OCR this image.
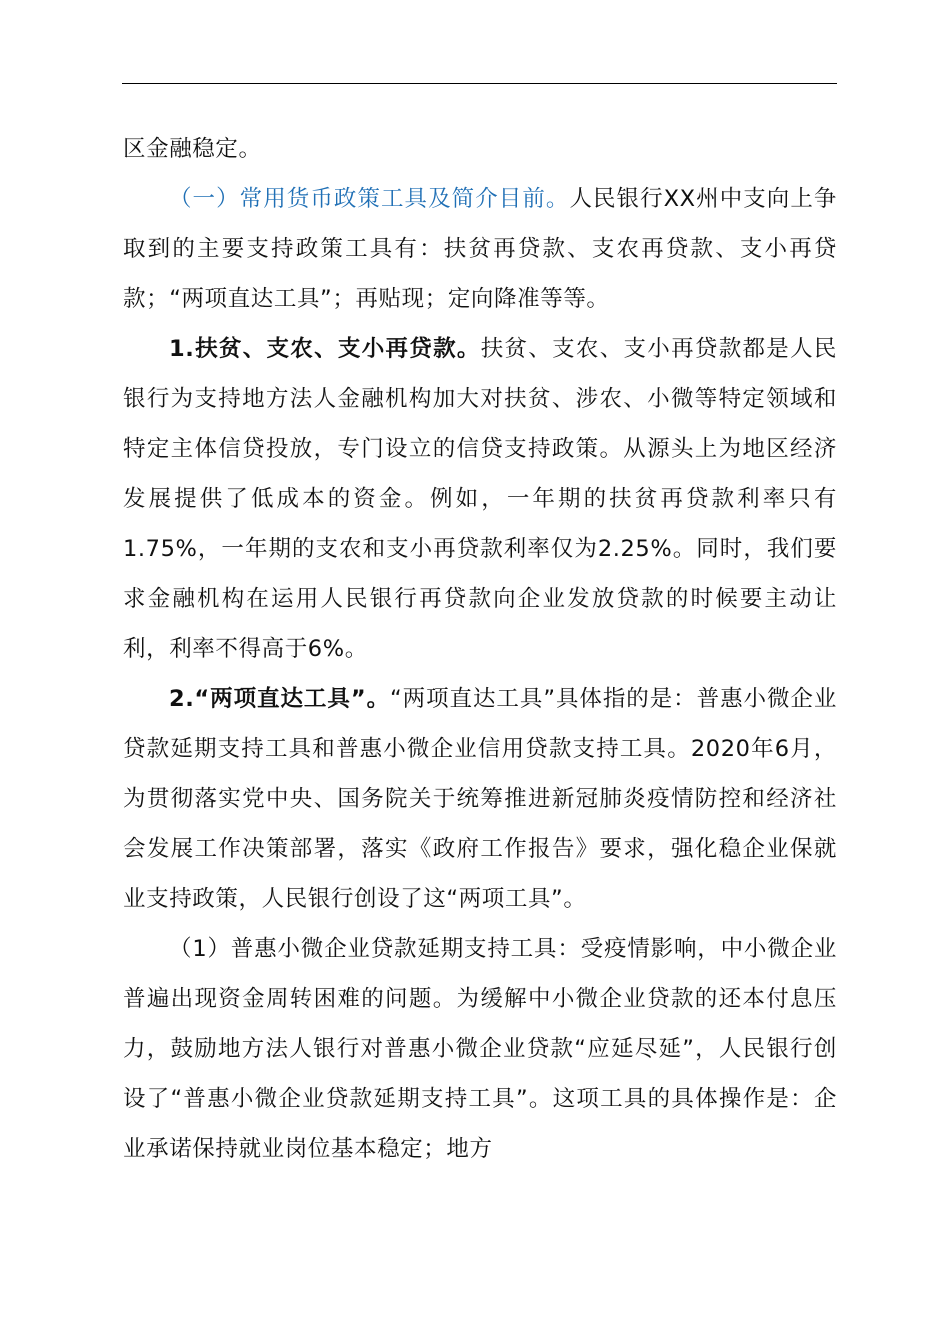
区金融稳定。

（一）常用货币政策工具及简介目前。人民银行XX州中支向上争取到的主要支持政策工具有：扶贫再贷款、支农再贷款、支小再贷款；“两项直达工具”；再贴现；定向降准等等。

1.扶贫、支农、支小再贷款。扶贫、支农、支小再贷款都是人民银行为支持地方法人金融机构加大对扶贫、涉农、小微等特定领域和特定主体信贷投放，专门设立的信贷支持政策。从源头上为地区经济发展提供了低成本的资金。例如，一年期的扶贫再贷款利率只有1.75%，一年期的支农和支小再贷款利率仅为2.25%。同时，我们要求金融机构在运用人民银行再贷款向企业发放贷款的时候要主动让利，利率不得高于6%。

2.“两项直达工具”。“两项直达工具”具体指的是：普惠小微企业贷款延期支持工具和普惠小微企业信用贷款支持工具。2020年6月，为贯彻落实党中央、国务院关于统筹推进新冠肺炎疫情防控和经济社会发展工作决策部署，落实《政府工作报告》要求，强化稳企业保就业支持政策，人民银行创设了这“两项工具”。

（1）普惠小微企业贷款延期支持工具：受疫情影响，中小微企业普遍出现资金周转困难的问题。为缓解中小微企业贷款的还本付息压力，鼓励地方法人银行对普惠小微企业贷款“应延尽延”，人民银行创设了“普惠小微企业贷款延期支持工具”。这项工具的具体操作是：企业承诺保持就业岗位基本稳定；地方
